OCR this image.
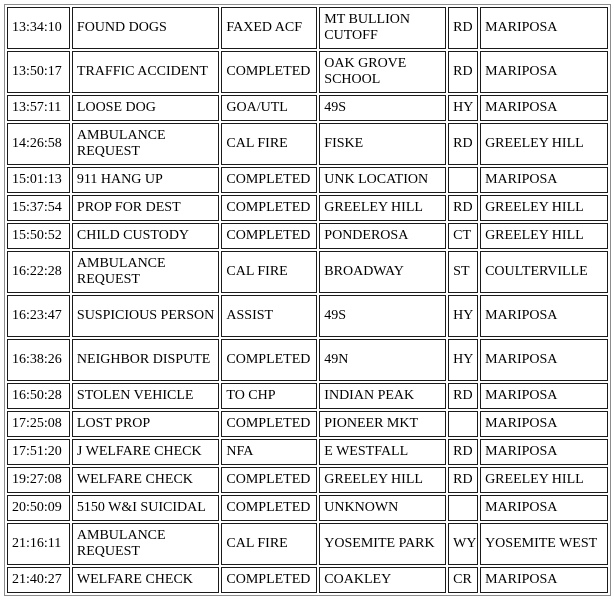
13:34:10	FOUND DOGS	FAXED ACF	MT BULLION CUTOFF	RD	MARIPOSA
13:50:17	TRAFFIC ACCIDENT	COMPLETED	OAK GROVE SCHOOL	RD	MARIPOSA
13:57:11	LOOSE DOG	GOA/UTL	49S	HY	MARIPOSA
14:26:58	AMBULANCE REQUEST	CAL FIRE	FISKE	RD	GREELEY HILL
15:01:13	911 HANG UP	COMPLETED	UNK LOCATION		MARIPOSA
15:37:54	PROP FOR DEST	COMPLETED	GREELEY HILL	RD	GREELEY HILL
15:50:52	CHILD CUSTODY	COMPLETED	PONDEROSA	CT	GREELEY HILL
16:22:28	AMBULANCE REQUEST	CAL FIRE	BROADWAY	ST	COULTERVILLE
16:23:47	SUSPICIOUS PERSON	ASSIST	49S	HY	MARIPOSA
16:38:26	NEIGHBOR DISPUTE	COMPLETED	49N	HY	MARIPOSA
16:50:28	STOLEN VEHICLE	TO CHP	INDIAN PEAK	RD	MARIPOSA
17:25:08	LOST PROP	COMPLETED	PIONEER MKT		MARIPOSA
17:51:20	J WELFARE CHECK	NFA	E WESTFALL	RD	MARIPOSA
19:27:08	WELFARE CHECK	COMPLETED	GREELEY HILL	RD	GREELEY HILL
20:50:09	5150 W&I SUICIDAL	COMPLETED	UNKNOWN		MARIPOSA
21:16:11	AMBULANCE REQUEST	CAL FIRE	YOSEMITE PARK	WY	YOSEMITE WEST
21:40:27	WELFARE CHECK	COMPLETED	COAKLEY	CR	MARIPOSA
